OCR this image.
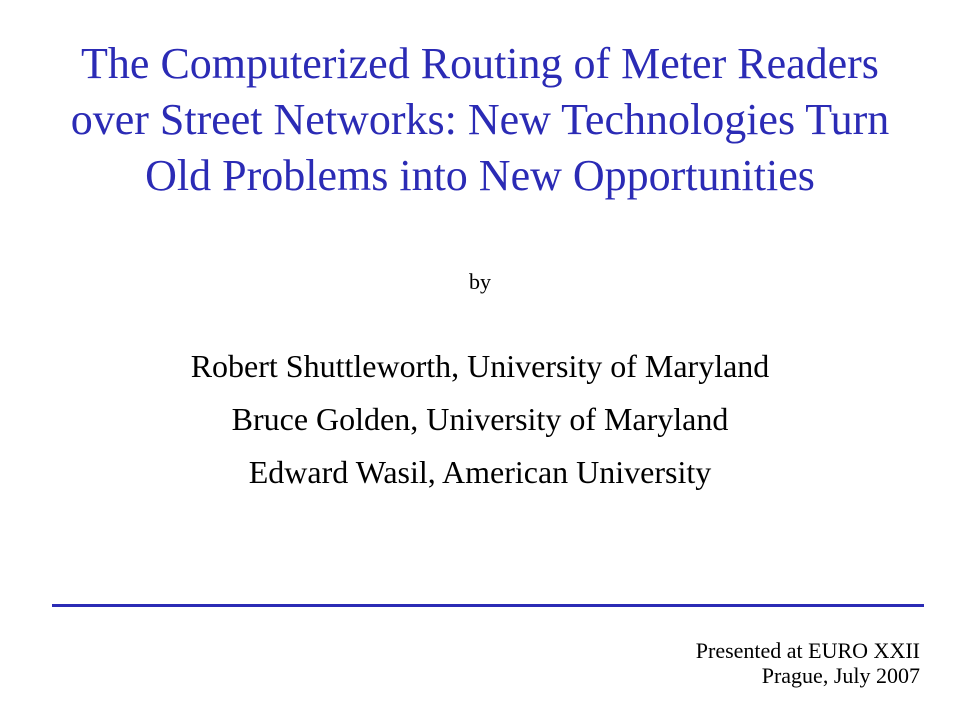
The Computerized Routing of Meter Readers
over Street Networks: New Technologies Turn
Old Problems into New Opportunities
by
Robert Shuttleworth, University of Maryland
Bruce Golden, University of Maryland
Edward Wasil, American University
Presented at EURO XXII
Prague, July 2007
